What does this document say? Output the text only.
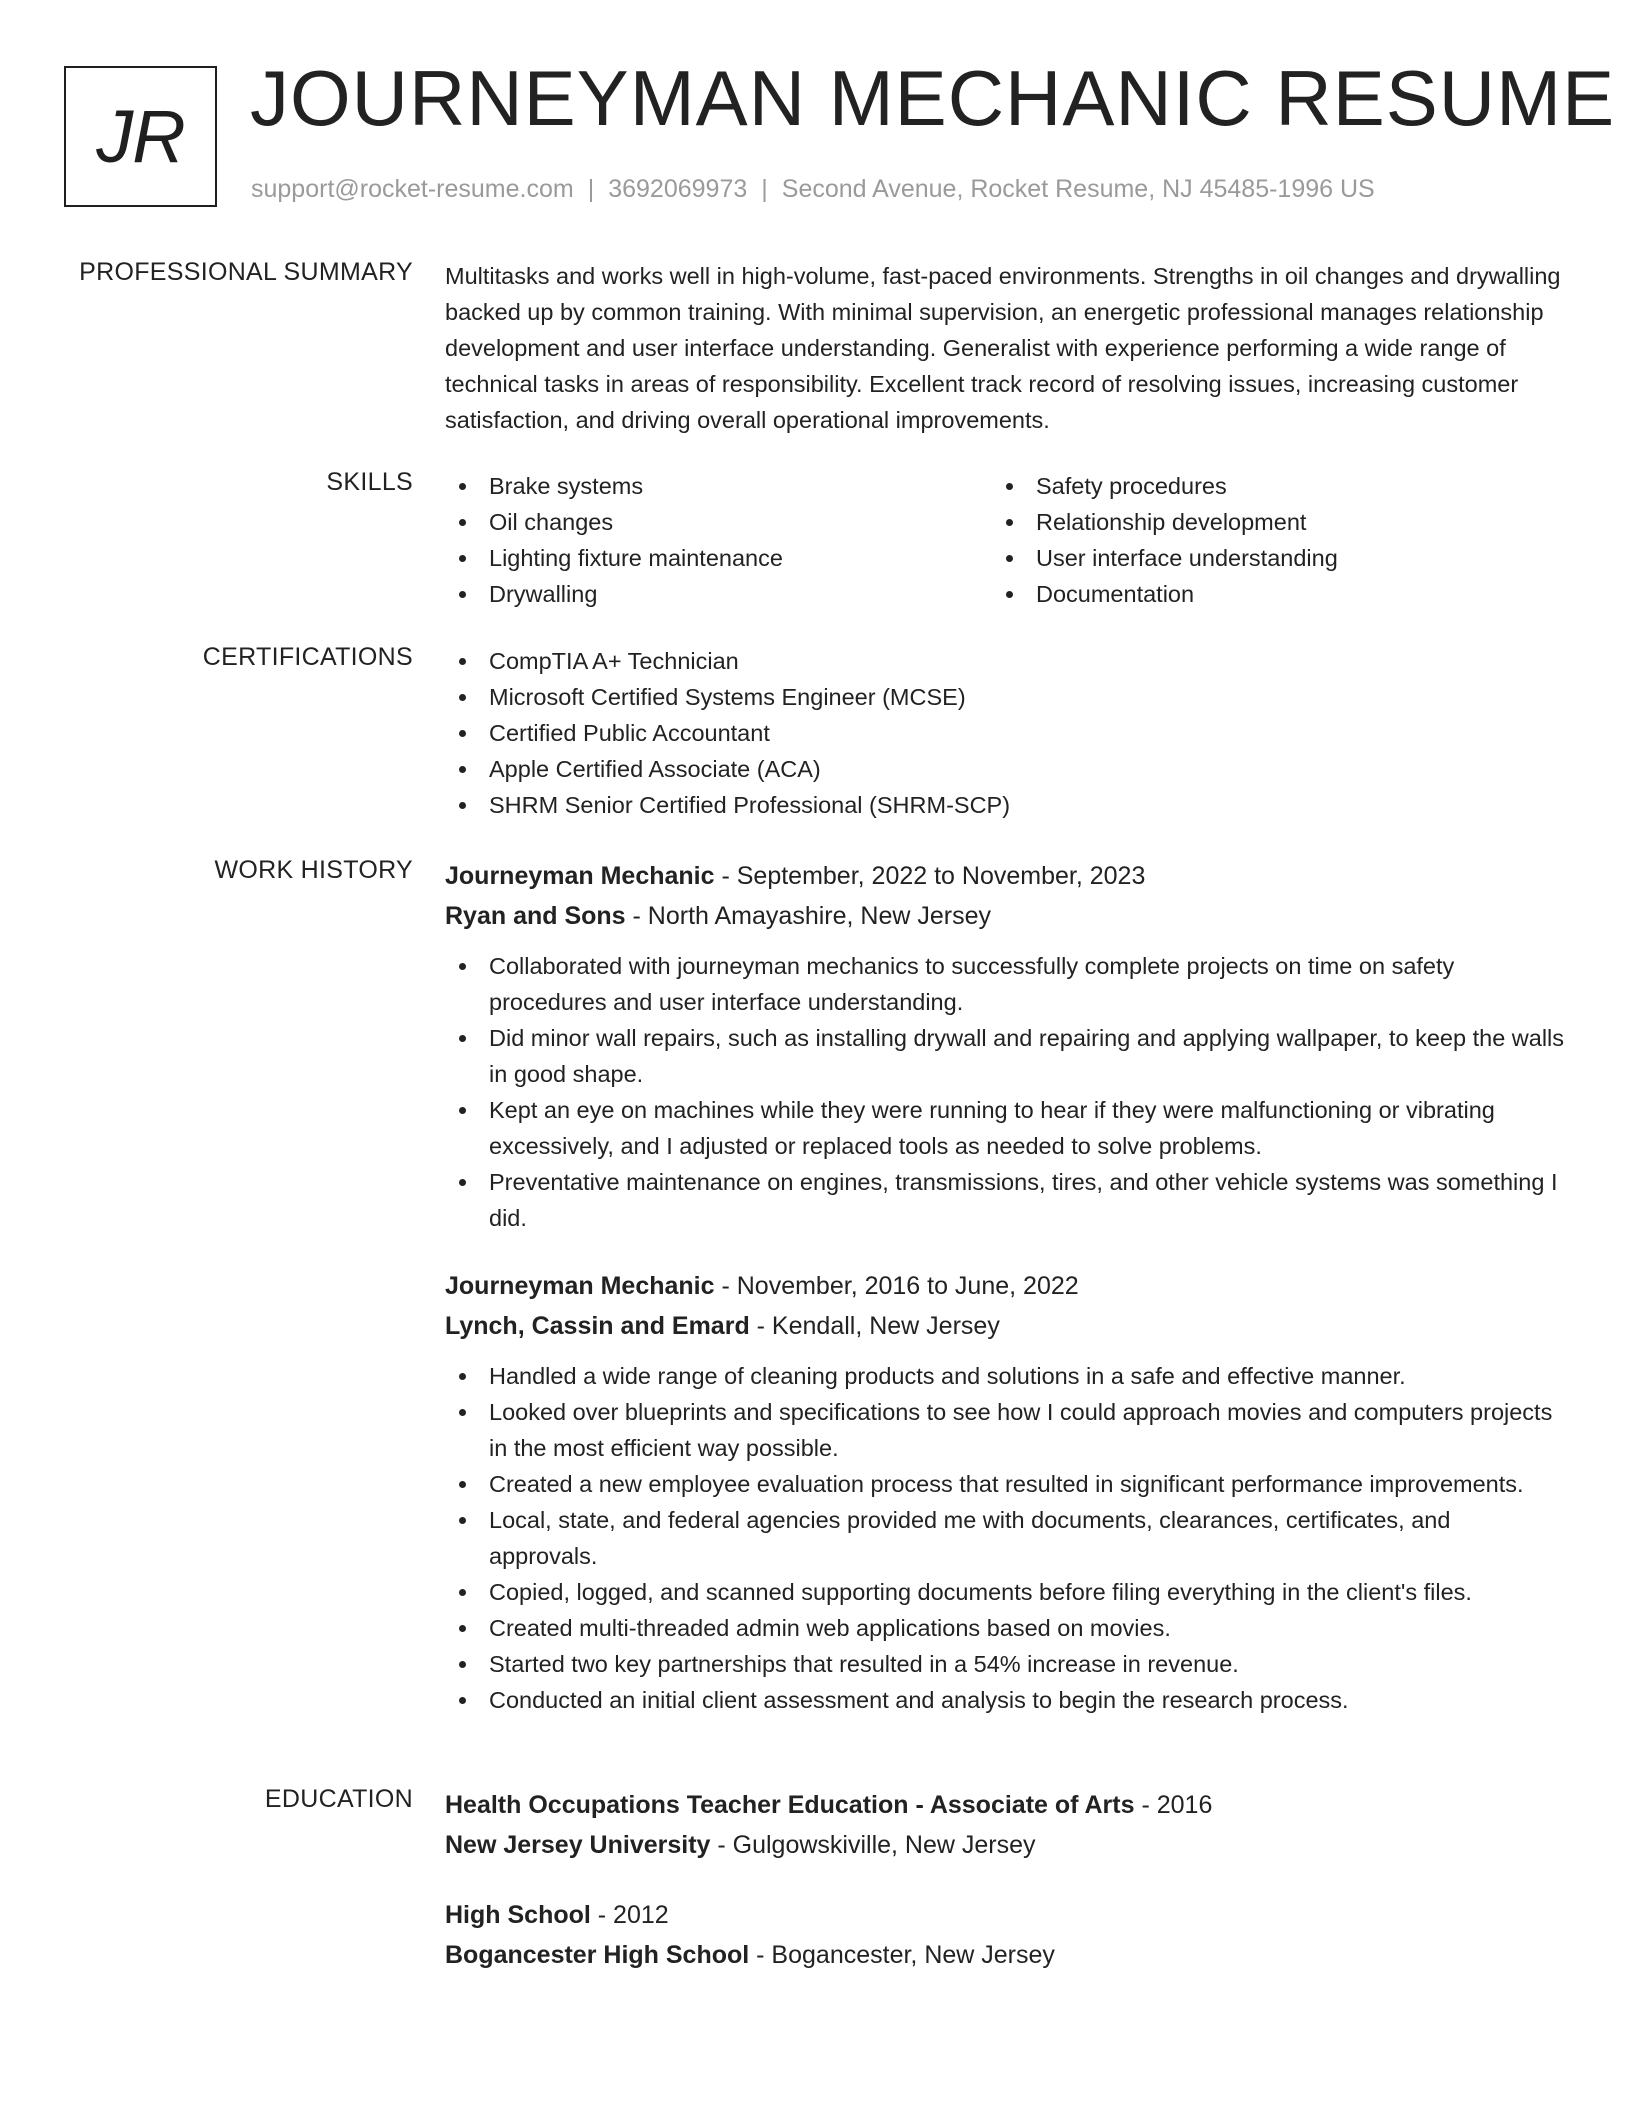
JR JOURNEYMAN MECHANIC RESUME
support@rocket-resume.com | 3692069973 | Second Avenue, Rocket Resume, NJ 45485-1996 US
PROFESSIONAL SUMMARY Multitasks and works well in high-volume, fast-paced environments. Strengths in oil changes and drywalling backed up by common training. With minimal supervision, an energetic professional manages relationship development and user interface understanding. Generalist with experience performing a wide range of technical tasks in areas of responsibility. Excellent track record of resolving issues, increasing customer satisfaction, and driving overall operational improvements.

SKILLS	Brake systems
Oil changes
Lighting fixture maintenance
Drywalling
Safety procedures
Relationship development
User interface understanding
Documentation
CERTIFICATIONS	CompTIA A+ Technician
Microsoft Certified Systems Engineer (MCSE)
Certified Public Accountant
Apple Certified Associate (ACA)
SHRM Senior Certified Professional (SHRM-SCP)
WORK HISTORY Journeyman Mechanic - September, 2022 to November, 2023
Ryan and Sons - North Amayashire, New Jersey
Collaborated with journeyman mechanics to successfully complete projects on time on safety procedures and user interface understanding.
Did minor wall repairs, such as installing drywall and repairing and applying wallpaper, to keep the walls in good shape.
Kept an eye on machines while they were running to hear if they were malfunctioning or vibrating excessively, and I adjusted or replaced tools as needed to solve problems.
Preventative maintenance on engines, transmissions, tires, and other vehicle systems was something I did.
Journeyman Mechanic - November, 2016 to June, 2022
Lynch, Cassin and Emard - Kendall, New Jersey
Handled a wide range of cleaning products and solutions in a safe and effective manner.
Looked over blueprints and specifications to see how I could approach movies and computers projects in the most efficient way possible.
Created a new employee evaluation process that resulted in significant performance improvements.
Local, state, and federal agencies provided me with documents, clearances, certificates, and approvals.
Copied, logged, and scanned supporting documents before filing everything in the client's files.
Created multi-threaded admin web applications based on movies.
Started two key partnerships that resulted in a 54% increase in revenue.
Conducted an initial client assessment and analysis to begin the research process.
EDUCATION Health Occupations Teacher Education - Associate of Arts - 2016
New Jersey University - Gulgowskiville, New Jersey
High School - 2012
Bogancester High School - Bogancester, New Jersey
